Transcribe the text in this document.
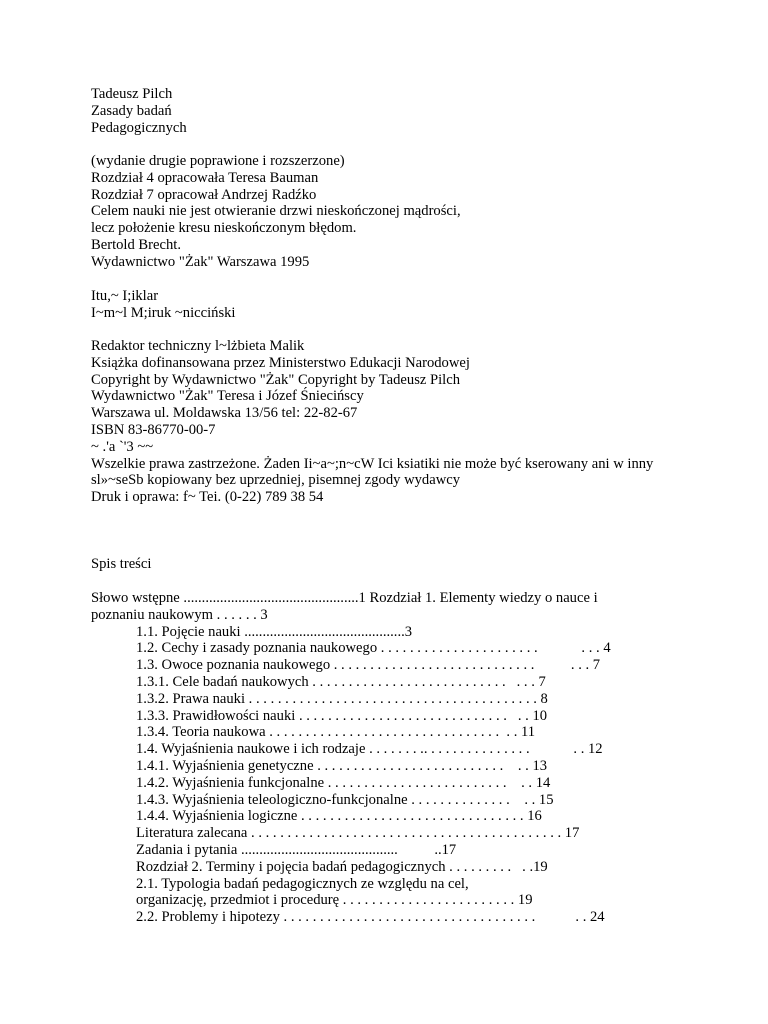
Tadeusz Pilch
Zasady badań
Pedagogicznych
(wydanie drugie poprawione i rozszerzone)
Rozdział 4 opracowała Teresa Bauman
Rozdział 7 opracował Andrzej Radźko
Celem nauki nie jest otwieranie drzwi nieskończonej mądrości,
lecz położenie kresu nieskończonym błędom.
Bertold Brecht.
Wydawnictwo "Żak" Warszawa 1995
Itu,~ I;iklar
I~m~l M;iruk ~nicciński
Redaktor techniczny l~lżbieta Malik
Książka dofinansowana przez Ministerstwo Edukacji Narodowej
Copyright by Wydawnictwo "Żak" Copyright by Tadeusz Pilch
Wydawnictwo "Żak" Teresa i Józef Śniecińscy
Warszawa ul. Moldawska 13/56 tel: 22-82-67
ISBN 83-86770-00-7
~ .'a `'3 ~~
Wszelkie prawa zastrzeżone. Żaden Ii~a~;n~cW Ici ksiatiki nie może być kserowany ani w inny sl»~seSb kopiowany bez uprzedniej, pisemnej zgody wydawcy
Druk i oprawa: f~ Tei. (0-22) 789 38 54
Spis treści
Słowo wstępne ................................................1 Rozdział 1. Elementy wiedzy o nauce i poznaniu naukowym . . . . . . 3
1.1. Pojęcie nauki ............................................3
1.2. Cechy i zasady poznania naukowego . . . . . . . . . . . . . . . . . . . . . .            . . . 4
1.3. Owoce poznania naukowego . . . . . . . . . . . . . . . . . . . . . . . . . . . .          . . . 7
1.3.1. Cele badań naukowych . . . . . . . . . . . . . . . . . . . . . . . . . . .   . . . 7
1.3.2. Prawa nauki . . . . . . . . . . . . . . . . . . . . . . . . . . . . . . . . . . . . . . . . 8
1.3.3. Prawidłowości nauki . . . . . . . . . . . . . . . . . . . . . . . . . . . . .   . . 10
1.3.4. Teoria naukowa . . . . . . . . . . . . . . . . . . . . . . . . . . . . . . . .  . . 11
1.4. Wyjaśnienia naukowe i ich rodzaje . . . . . . . .. . . . . . . . . . . . . . .            . . 12
1.4.1. Wyjaśnienia genetyczne . . . . . . . . . . . . . . . . . . . . . . . . . .    . . 13
1.4.2. Wyjaśnienia funkcjonalne . . . . . . . . . . . . . . . . . . . . . . . . .    . . 14
1.4.3. Wyjaśnienia teleologiczno-funkcjonalne . . . . . . . . . . . . . .    . . 15
1.4.4. Wyjaśnienia logiczne . . . . . . . . . . . . . . . . . . . . . . . . . . . . . . . 16
Literatura zalecana . . . . . . . . . . . . . . . . . . . . . . . . . . . . . . . . . . . . . . . . . . . 17
Zadania i pytania ...........................................          ..17
Rozdział 2. Terminy i pojęcia badań pedagogicznych . . . . . . . . .   . .19
2.1. Typologia badań pedagogicznych ze względu na cel,
organizację, przedmiot i procedurę . . . . . . . . . . . . . . . . . . . . . . . . 19
2.2. Problemy i hipotezy . . . . . . . . . . . . . . . . . . . . . . . . . . . . . . . . . . .           . . 24
